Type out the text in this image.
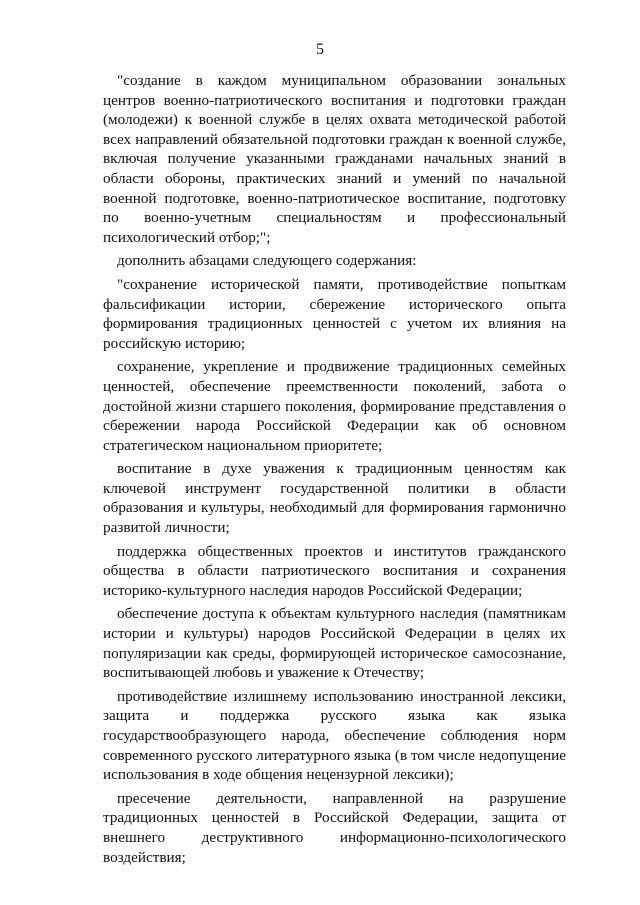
5

"создание в каждом муниципальном образовании зональных центров военно-патриотического воспитания и подготовки граждан (молодежи) к военной службе в целях охвата методической работой всех направлений обязательной подготовки граждан к военной службе, включая получение указанными гражданами начальных знаний в области обороны, практических знаний и умений по начальной военной подготовке, военно-патриотическое воспитание, подготовку по военно-учетным специальностям и профессиональный психологический отбор;";

дополнить абзацами следующего содержания:

"сохранение исторической памяти, противодействие попыткам фальсификации истории, сбережение исторического опыта формирования традиционных ценностей с учетом их влияния на российскую историю;

сохранение, укрепление и продвижение традиционных семейных ценностей, обеспечение преемственности поколений, забота о достойной жизни старшего поколения, формирование представления о сбережении народа Российской Федерации как об основном стратегическом национальном приоритете;

воспитание в духе уважения к традиционным ценностям как ключевой инструмент государственной политики в области образования и культуры, необходимый для формирования гармонично развитой личности;

поддержка общественных проектов и институтов гражданского общества в области патриотического воспитания и сохранения историко-культурного наследия народов Российской Федерации;

обеспечение доступа к объектам культурного наследия (памятникам истории и культуры) народов Российской Федерации в целях их популяризации как среды, формирующей историческое самосознание, воспитывающей любовь и уважение к Отечеству;

противодействие излишнему использованию иностранной лексики, защита и поддержка русского языка как языка государствообразующего народа, обеспечение соблюдения норм современного русского литературного языка (в том числе недопущение использования в ходе общения нецензурной лексики);

пресечение деятельности, направленной на разрушение традиционных ценностей в Российской Федерации, защита от внешнего деструктивного информационно-психологического воздействия;
